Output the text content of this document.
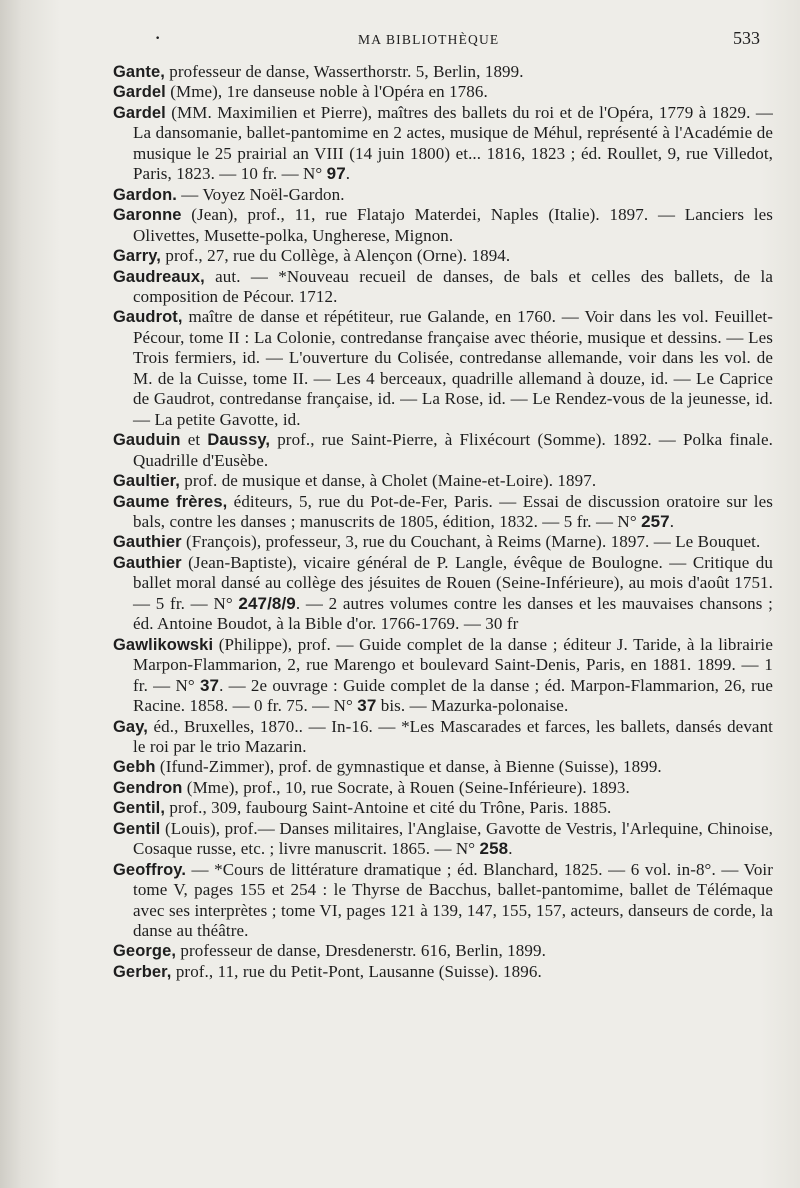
·	MA BIBLIOTHÈQUE	533
Gante, professeur de danse, Wasserthorstr. 5, Berlin, 1899.
Gardel (Mme), 1re danseuse noble à l'Opéra en 1786.
Gardel (MM. Maximilien et Pierre), maîtres des ballets du roi et de l'Opéra, 1779 à 1829. — La dansomanie, ballet-pantomime en 2 actes, musique de Méhul, représenté à l'Académie de musique le 25 prairial an VIII (14 juin 1800) et... 1816, 1823 ; éd. Roullet, 9, rue Villedot, Paris, 1823. — 10 fr. — N° 97.
Gardon. — Voyez Noël-Gardon.
Garonne (Jean), prof., 11, rue Flatajo Materdei, Naples (Italie). 1897. — Lanciers les Olivettes, Musette-polka, Ungherese, Mignon.
Garry, prof., 27, rue du Collège, à Alençon (Orne). 1894.
Gaudreaux, aut. — *Nouveau recueil de danses, de bals et celles des ballets, de la composition de Pécour. 1712.
Gaudrot, maître de danse et répétiteur, rue Galande, en 1760. — Voir dans les vol. Feuillet-Pécour, tome II : La Colonie, contredanse française avec théorie, musique et dessins. — Les Trois fermiers, id. — L'ouverture du Colisée, contredanse allemande, voir dans les vol. de M. de la Cuisse, tome II. — Les 4 berceaux, quadrille allemand à douze, id. — Le Caprice de Gaudrot, contredanse française, id. — La Rose, id. — Le Rendez-vous de la jeunesse, id. — La petite Gavotte, id.
Gauduin et Daussy, prof., rue Saint-Pierre, à Flixécourt (Somme). 1892. — Polka finale. Quadrille d'Eusèbe.
Gaultier, prof. de musique et danse, à Cholet (Maine-et-Loire). 1897.
Gaume frères, éditeurs, 5, rue du Pot-de-Fer, Paris. — Essai de discussion oratoire sur les bals, contre les danses ; manuscrits de 1805, édition, 1832. — 5 fr. — N° 257.
Gauthier (François), professeur, 3, rue du Couchant, à Reims (Marne). 1897. — Le Bouquet.
Gauthier (Jean-Baptiste), vicaire général de P. Langle, évêque de Boulogne. — Critique du ballet moral dansé au collège des jésuites de Rouen (Seine-Inférieure), au mois d'août 1751. — 5 fr. — N° 247/8/9. — 2 autres volumes contre les danses et les mauvaises chansons ; éd. Antoine Boudot, à la Bible d'or. 1766-1769. — 30 fr
Gawlikowski (Philippe), prof. — Guide complet de la danse ; éditeur J. Taride, à la librairie Marpon-Flammarion, 2, rue Marengo et boulevard Saint-Denis, Paris, en 1881. 1899. — 1 fr. — N° 37. — 2e ouvrage : Guide complet de la danse ; éd. Marpon-Flammarion, 26, rue Racine. 1858. — 0 fr. 75. — N° 37 bis. — Mazurka-polonaise.
Gay, éd., Bruxelles, 1870.. — In-16. — *Les Mascarades et farces, les ballets, dansés devant le roi par le trio Mazarin.
Gebh (Ifund-Zimmer), prof. de gymnastique et danse, à Bienne (Suisse), 1899.
Gendron (Mme), prof., 10, rue Socrate, à Rouen (Seine-Inférieure). 1893.
Gentil, prof., 309, faubourg Saint-Antoine et cité du Trône, Paris. 1885.
Gentil (Louis), prof.— Danses militaires, l'Anglaise, Gavotte de Vestris, l'Arlequine, Chinoise, Cosaque russe, etc. ; livre manuscrit. 1865. — N° 258.
Geoffroy. — *Cours de littérature dramatique ; éd. Blanchard, 1825. — 6 vol. in-8°. — Voir tome V, pages 155 et 254 : le Thyrse de Bacchus, ballet-pantomime, ballet de Télémaque avec ses interprètes ; tome VI, pages 121 à 139, 147, 155, 157, acteurs, danseurs de corde, la danse au théâtre.
George, professeur de danse, Dresdenerstr. 616, Berlin, 1899.
Gerber, prof., 11, rue du Petit-Pont, Lausanne (Suisse). 1896.
